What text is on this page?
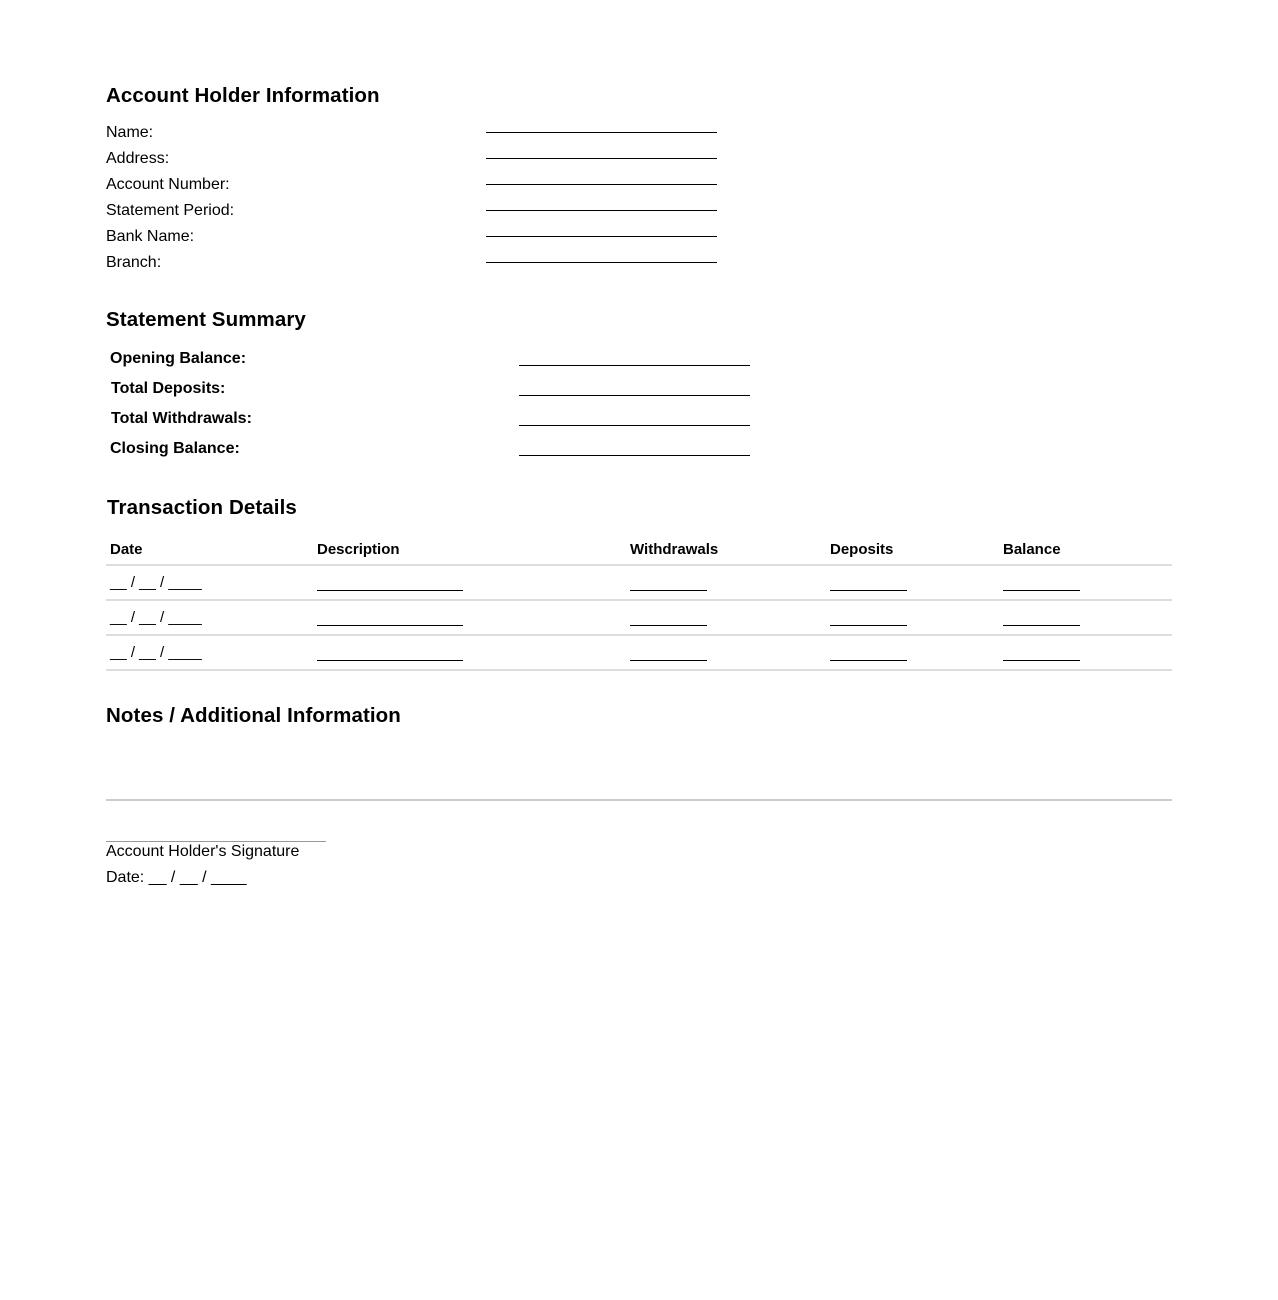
Account Holder Information
Name:
Address:
Account Number:
Statement Period:
Bank Name:
Branch:
Statement Summary
Opening Balance:
Total Deposits:
Total Withdrawals:
Closing Balance:
Transaction Details
Date	Description	Withdrawals	Deposits	Balance
__ / __ / ____
__ / __ / ____
__ / __ / ____
Notes / Additional Information
Account Holder's Signature
Date: __ / __ / ____
